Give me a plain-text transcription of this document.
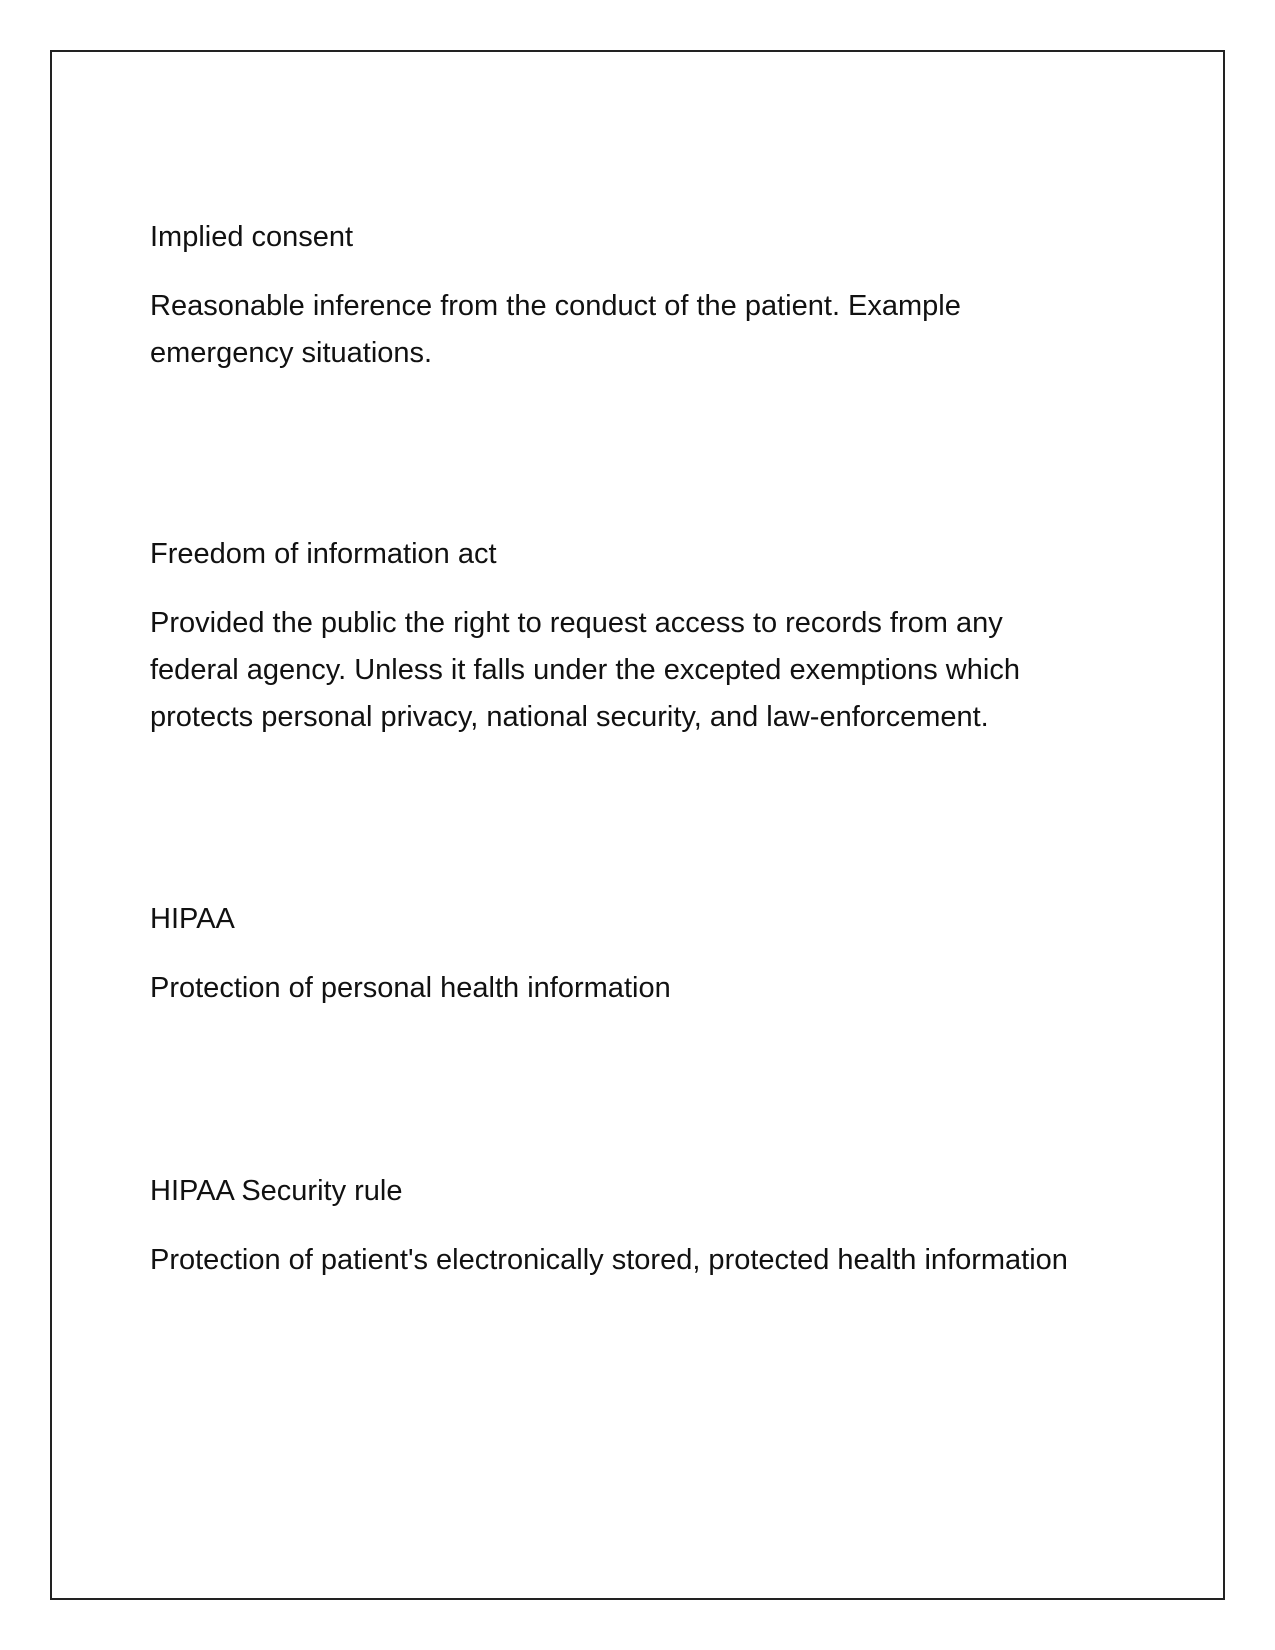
Implied consent

Reasonable inference from the conduct of the patient. Example emergency situations.

Freedom of information act

Provided the public the right to request access to records from any federal agency. Unless it falls under the excepted exemptions which protects personal privacy, national security, and law-enforcement.

HIPAA

Protection of personal health information

HIPAA Security rule

Protection of patient's electronically stored, protected health information
